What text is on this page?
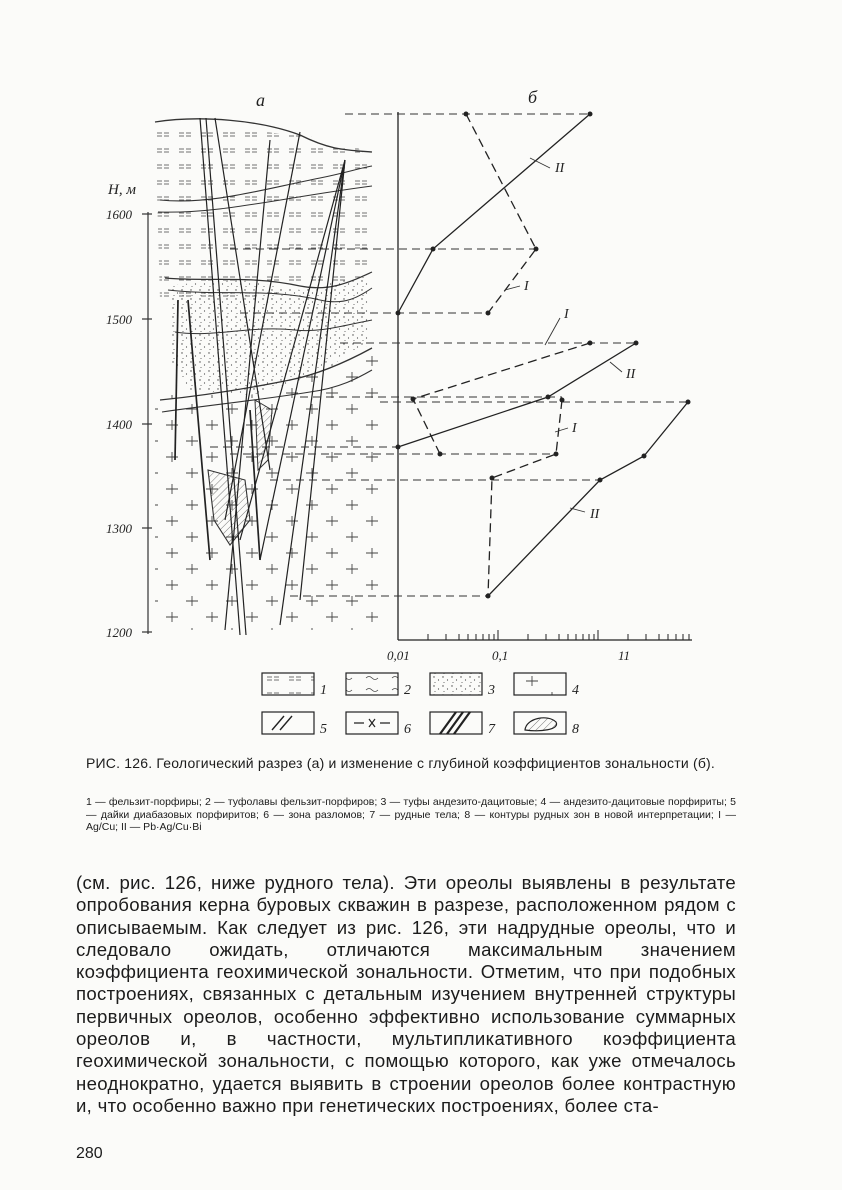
а	б
H, м
1600
1500
1400
1300
1200
0,01	0,1	11
II
I
I
II
I
II
1	2	3	4
5	6	7	8
РИС. 126. Геологический разрез (а) и изменение с глубиной коэффициентов зональности (б).
1 — фельзит-порфиры; 2 — туфолавы фельзит-порфиров; 3 — туфы андезито-дацитовые; 4 — андезито-дацитовые порфириты; 5 — дайки диабазовых порфиритов; 6 — зона разломов; 7 — рудные тела; 8 — контуры рудных зон в новой интерпретации; I — Ag/Cu; II — Pb·Ag/Cu·Bi
(см. рис. 126, ниже рудного тела). Эти ореолы выявлены в результате опробования керна буровых скважин в разрезе, расположенном рядом с описываемым. Как следует из рис. 126, эти надрудные ореолы, что и следовало ожидать, отличаются максимальным значением коэффициента геохимической зональности. Отметим, что при подобных построениях, связанных с детальным изучением внутренней структуры первичных ореолов, особенно эффективно использование суммарных ореолов и, в частности, мультипликативного коэффициента геохимической зональности, с помощью которого, как уже отмечалось неоднократно, удается выявить в строении ореолов более контрастную и, что особенно важно при генетических построениях, более ста-
280
